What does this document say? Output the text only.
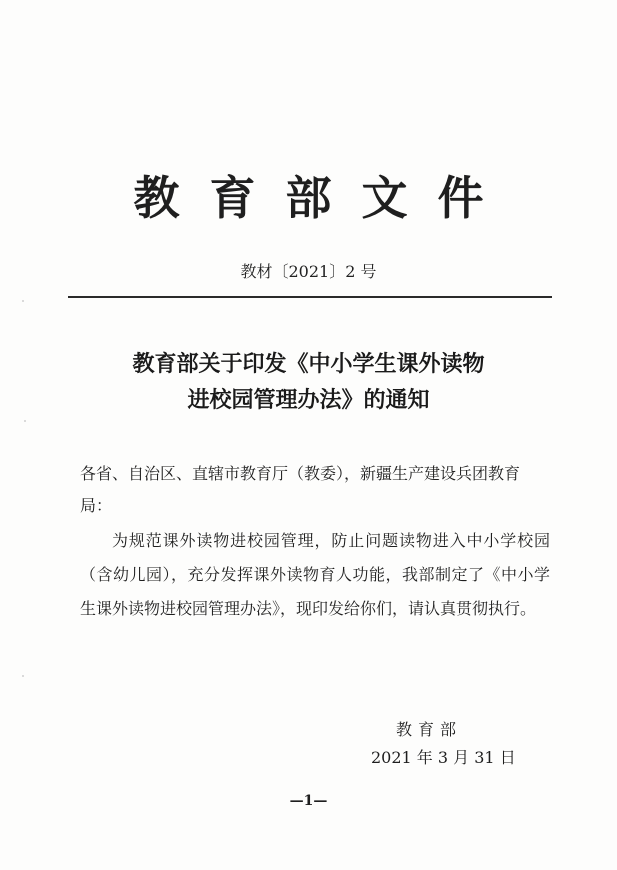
教育部文件
教材〔2021〕2 号
教育部关于印发《中小学生课外读物
进校园管理办法》的通知
各省、自治区、直辖市教育厅（教委），新疆生产建设兵团教育局：
为规范课外读物进校园管理，防止问题读物进入中小学校园（含幼儿园），充分发挥课外读物育人功能，我部制定了《中小学生课外读物进校园管理办法》，现印发给你们，请认真贯彻执行。
教育部
2021 年 3 月 31 日
—1—
